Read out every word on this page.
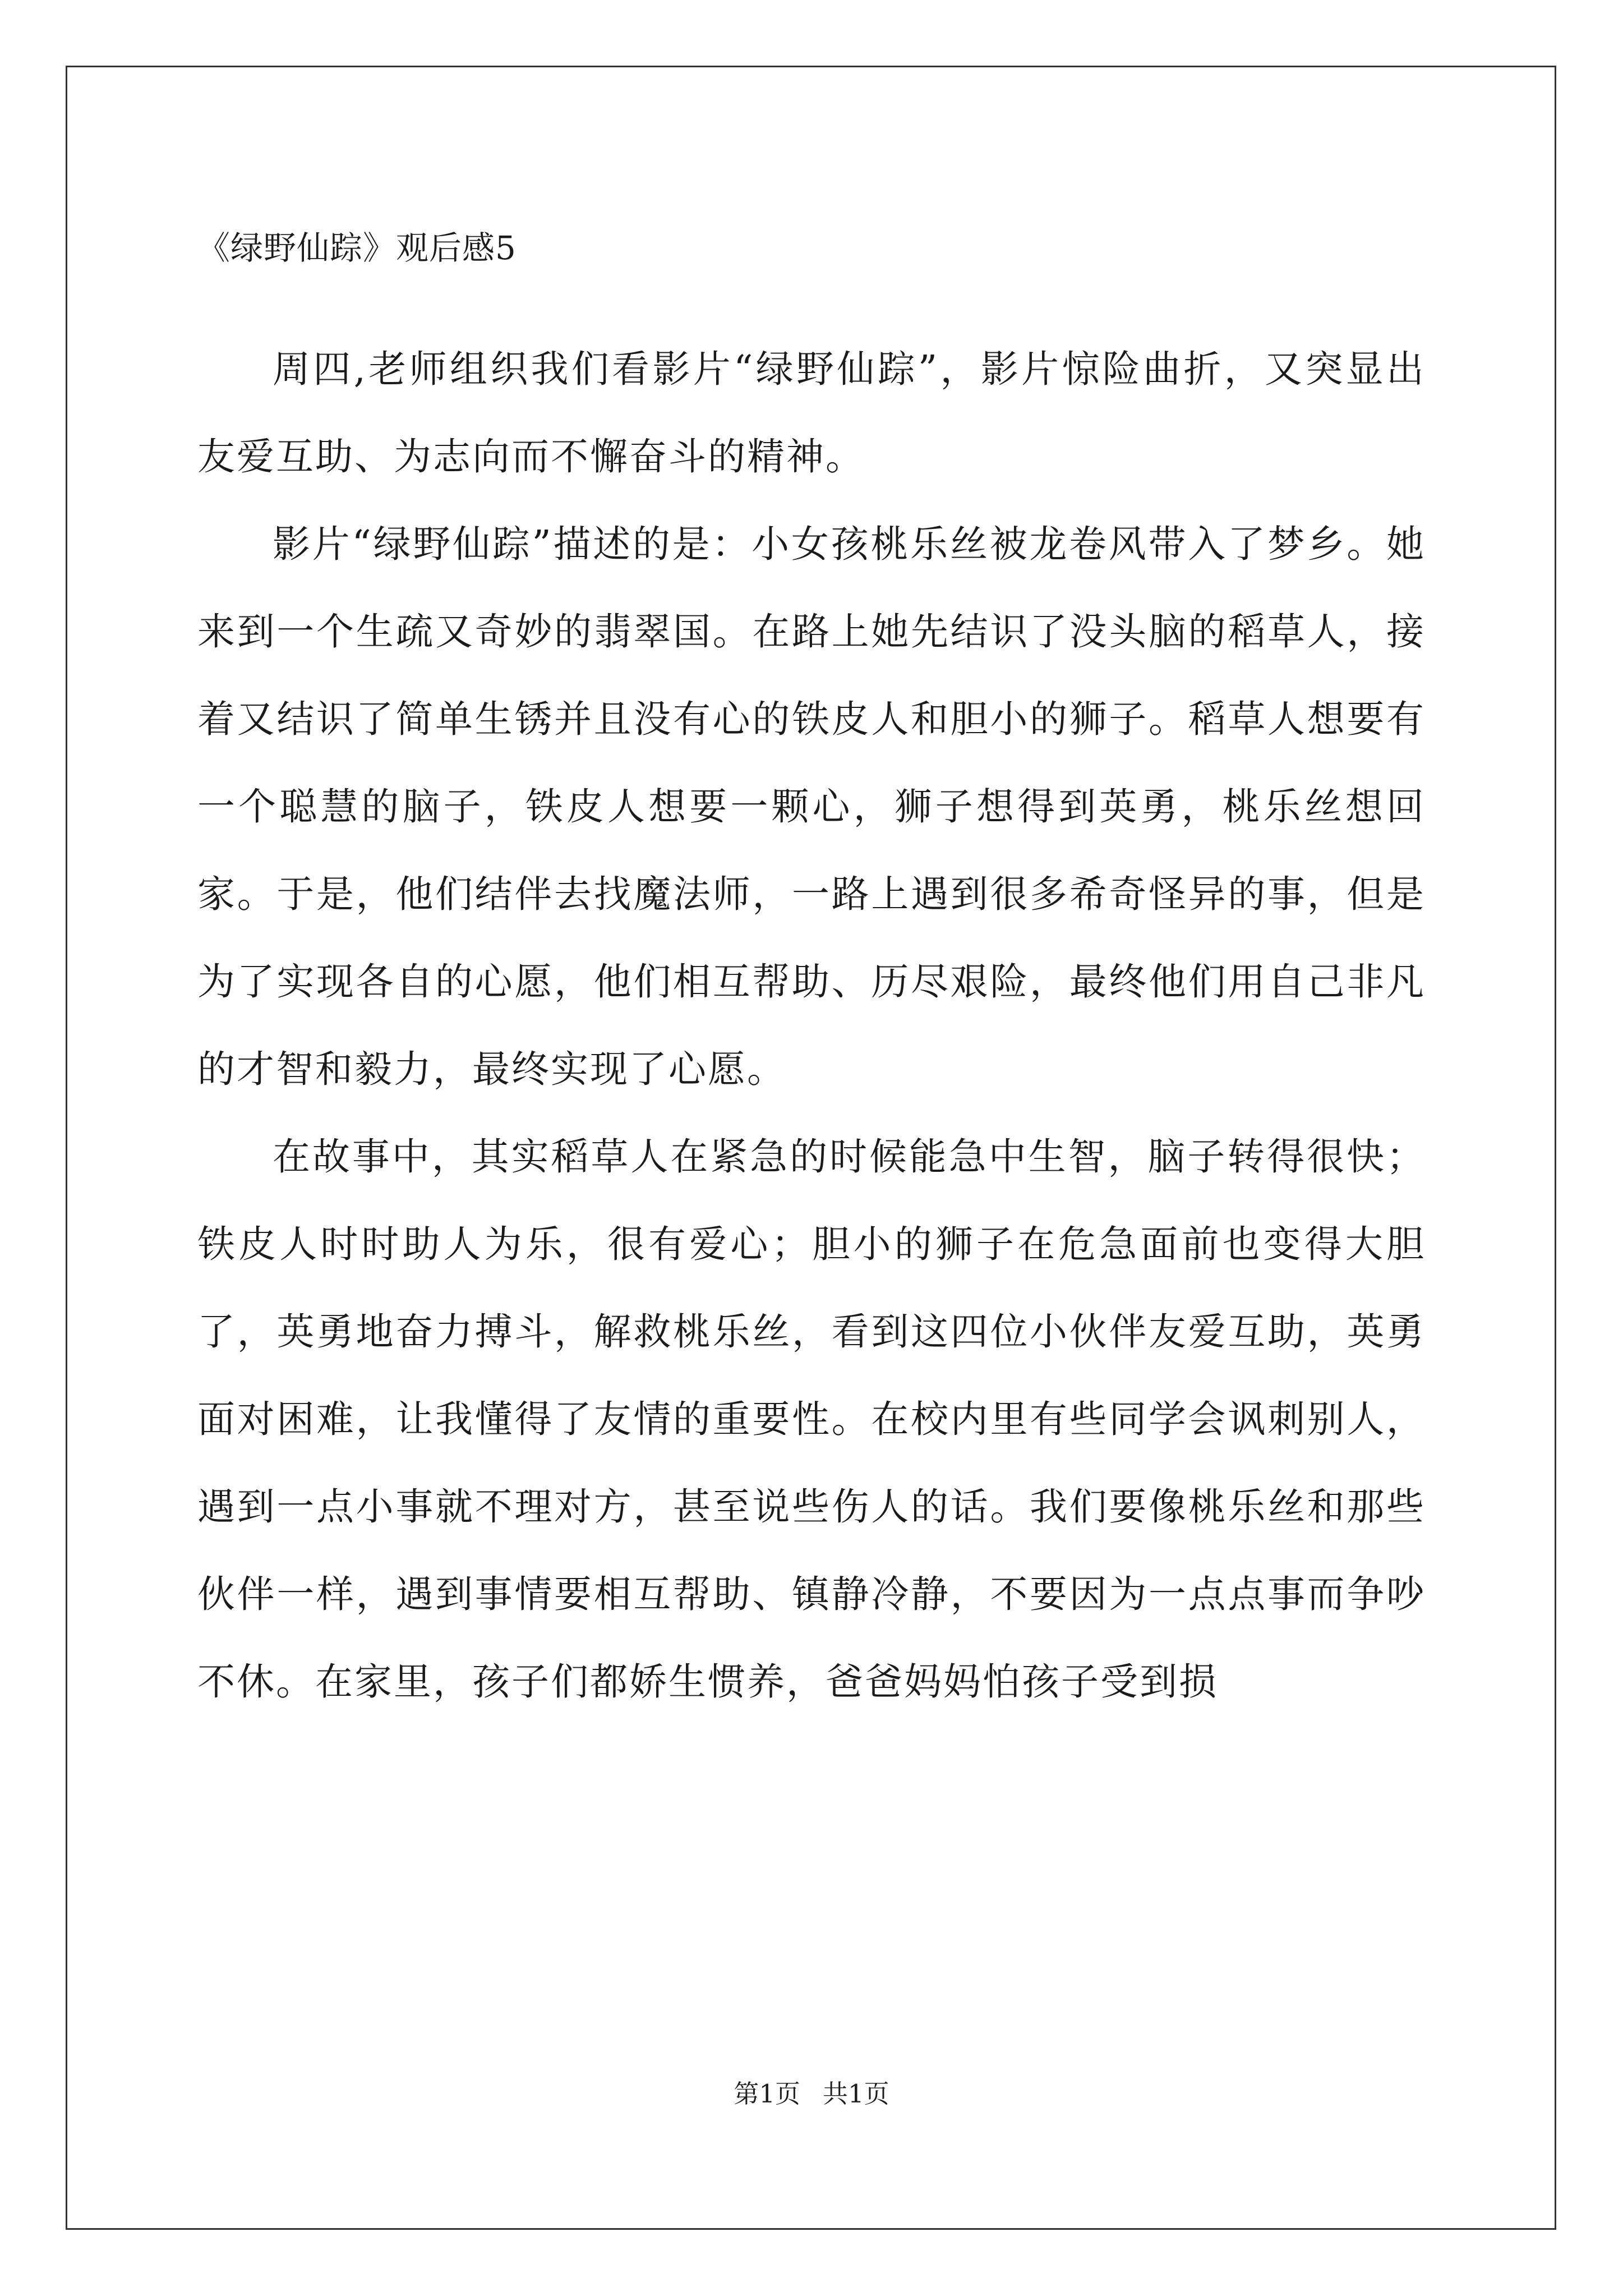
《绿野仙踪》观后感5

周四,老师组织我们看影片“绿野仙踪”，影片惊险曲折，又突显出友爱互助、为志向而不懈奋斗的精神。

影片“绿野仙踪”描述的是：小女孩桃乐丝被龙卷风带入了梦乡。她来到一个生疏又奇妙的翡翠国。在路上她先结识了没头脑的稻草人，接着又结识了简单生锈并且没有心的铁皮人和胆小的狮子。稻草人想要有一个聪慧的脑子，铁皮人想要一颗心，狮子想得到英勇，桃乐丝想回家。于是，他们结伴去找魔法师，一路上遇到很多希奇怪异的事，但是为了实现各自的心愿，他们相互帮助、历尽艰险，最终他们用自己非凡的才智和毅力，最终实现了心愿。

在故事中，其实稻草人在紧急的时候能急中生智，脑子转得很快；铁皮人时时助人为乐，很有爱心；胆小的狮子在危急面前也变得大胆了，英勇地奋力搏斗，解救桃乐丝，看到这四位小伙伴友爱互助，英勇面对困难，让我懂得了友情的重要性。在校内里有些同学会讽刺别人，遇到一点小事就不理对方，甚至说些伤人的话。我们要像桃乐丝和那些伙伴一样，遇到事情要相互帮助、镇静冷静，不要因为一点点事而争吵不休。在家里，孩子们都娇生惯养，爸爸妈妈怕孩子受到损

第1页 共1页
